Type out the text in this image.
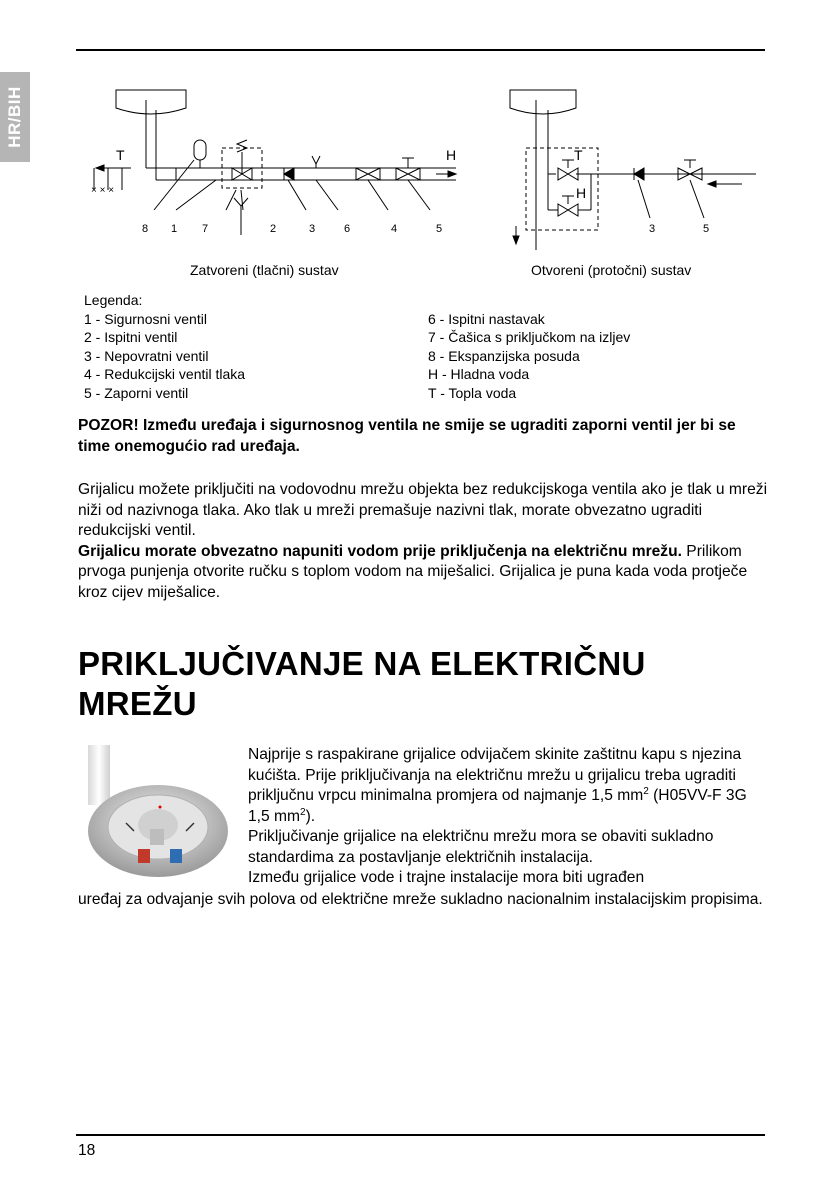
HR/BIH
× × ×
T	H
8 1 7	2	3	6	4	5
T
H
3	5
Zatvoreni (tlačni) sustav	Otvoreni (protočni) sustav
Legenda:
1 - Sigurnosni ventil
2 - Ispitni ventil
3 - Nepovratni ventil
4 - Redukcijski ventil tlaka
5 - Zaporni ventil
6 - Ispitni nastavak
7 - Čašica s priključkom na izljev
8 - Ekspanzijska posuda
H - Hladna voda
T - Topla voda
POZOR! Između uređaja i sigurnosnog ventila ne smije se ugraditi zaporni ventil jer bi se time onemogućio rad uređaja.

Grijalicu možete priključiti na vodovodnu mrežu objekta bez redukcijskoga ventila ako je tlak u mreži niži od nazivnoga tlaka. Ako tlak u mreži premašuje nazivni tlak, morate obvezatno ugraditi redukcijski ventil.

Grijalicu morate obvezatno napuniti vodom prije priključenja na električnu mrežu. Prilikom prvoga punjenja otvorite ručku s toplom vodom na miješalici. Grijalica je puna kada voda protječe kroz cijev miješalice.

PRIKLJUČIVANJE NA ELEKTRIČNU
MREŽU

Najprije s raspakirane grijalice odvijačem skinite zaštitnu kapu s njezina kućišta. Prije priključivanja na električnu mrežu u grijalicu treba ugraditi priključnu vrpcu minimalna promjera od najmanje 1,5 $mm^2$ (H05VV-F 3G 1,5 $mm^2$).

Priključivanje grijalice na električnu mrežu mora se obaviti sukladno standardima za postavljanje električnih instalacija.

Između grijalice vode i trajne instalacije mora biti ugrađen

uređaj za odvajanje svih polova od električne mreže sukladno nacionalnim instalacijskim propisima.

18
